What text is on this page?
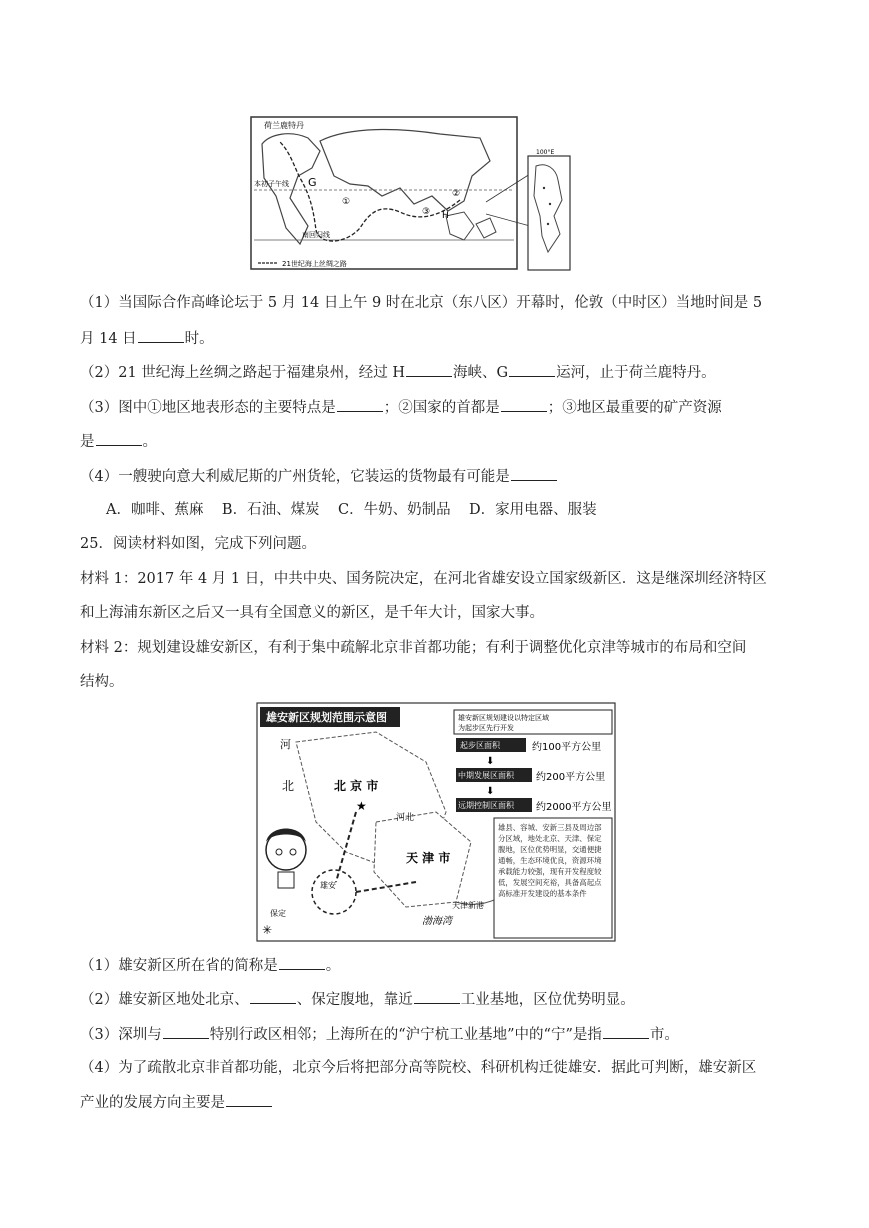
荷兰鹿特丹
本初子午线 G
H
①
②
③
南回归线
21世纪海上丝绸之路
100°E
（1）当国际合作高峰论坛于 5 月 14 日上午 9 时在北京（东八区）开幕时，伦敦（中时区）当地时间是 5
月 14 日	时。
（2）21 世纪海上丝绸之路起于福建泉州，经过 H	海峡、G	运河，止于荷兰鹿特丹。
（3）图中①地区地表形态的主要特点是	；②国家的首都是	；③地区最重要的矿产资源
是	。
（4）一艘驶向意大利威尼斯的广州货轮，它装运的货物最有可能是
A．咖啡、蕉麻    B．石油、煤炭    C．牛奶、奶制品    D．家用电器、服装
25．阅读材料如图，完成下列问题。
材料 1：2017 年 4 月 1 日，中共中央、国务院决定，在河北省雄安设立国家级新区．这是继深圳经济特区
和上海浦东新区之后又一具有全国意义的新区，是千年大计，国家大事。
材料 2：规划建设雄安新区，有利于集中疏解北京非首都功能；有利于调整优化京津等城市的布局和空间
结构。
雄安新区规划范围示意图
河
北	北 京 市
河北
天 津 市
渤海湾
天津新港
雄安
保定
★
✳
雄安新区规划建设以特定区域
为起步区先行开发
起步区面积	约100平方公里
⬇
中期发展区面积 约200平方公里
⬇
远期控制区面积 约2000平方公里
雄县、容城、安新三县及周边部分区域，地处北京、天津、保定腹地，区位优势明显，交通便捷通畅，生态环境优良，资源环境承载能力较强，现有开发程度较低，发展空间充裕，具备高起点高标准开发建设的基本条件
（1）雄安新区所在省的简称是	。
（2）雄安新区地处北京、	、保定腹地，靠近	工业基地，区位优势明显。
（3）深圳与	特别行政区相邻；上海所在的“沪宁杭工业基地”中的“宁”是指	市。
（4）为了疏散北京非首都功能，北京今后将把部分高等院校、科研机构迁徙雄安．据此可判断，雄安新区
产业的发展方向主要是
